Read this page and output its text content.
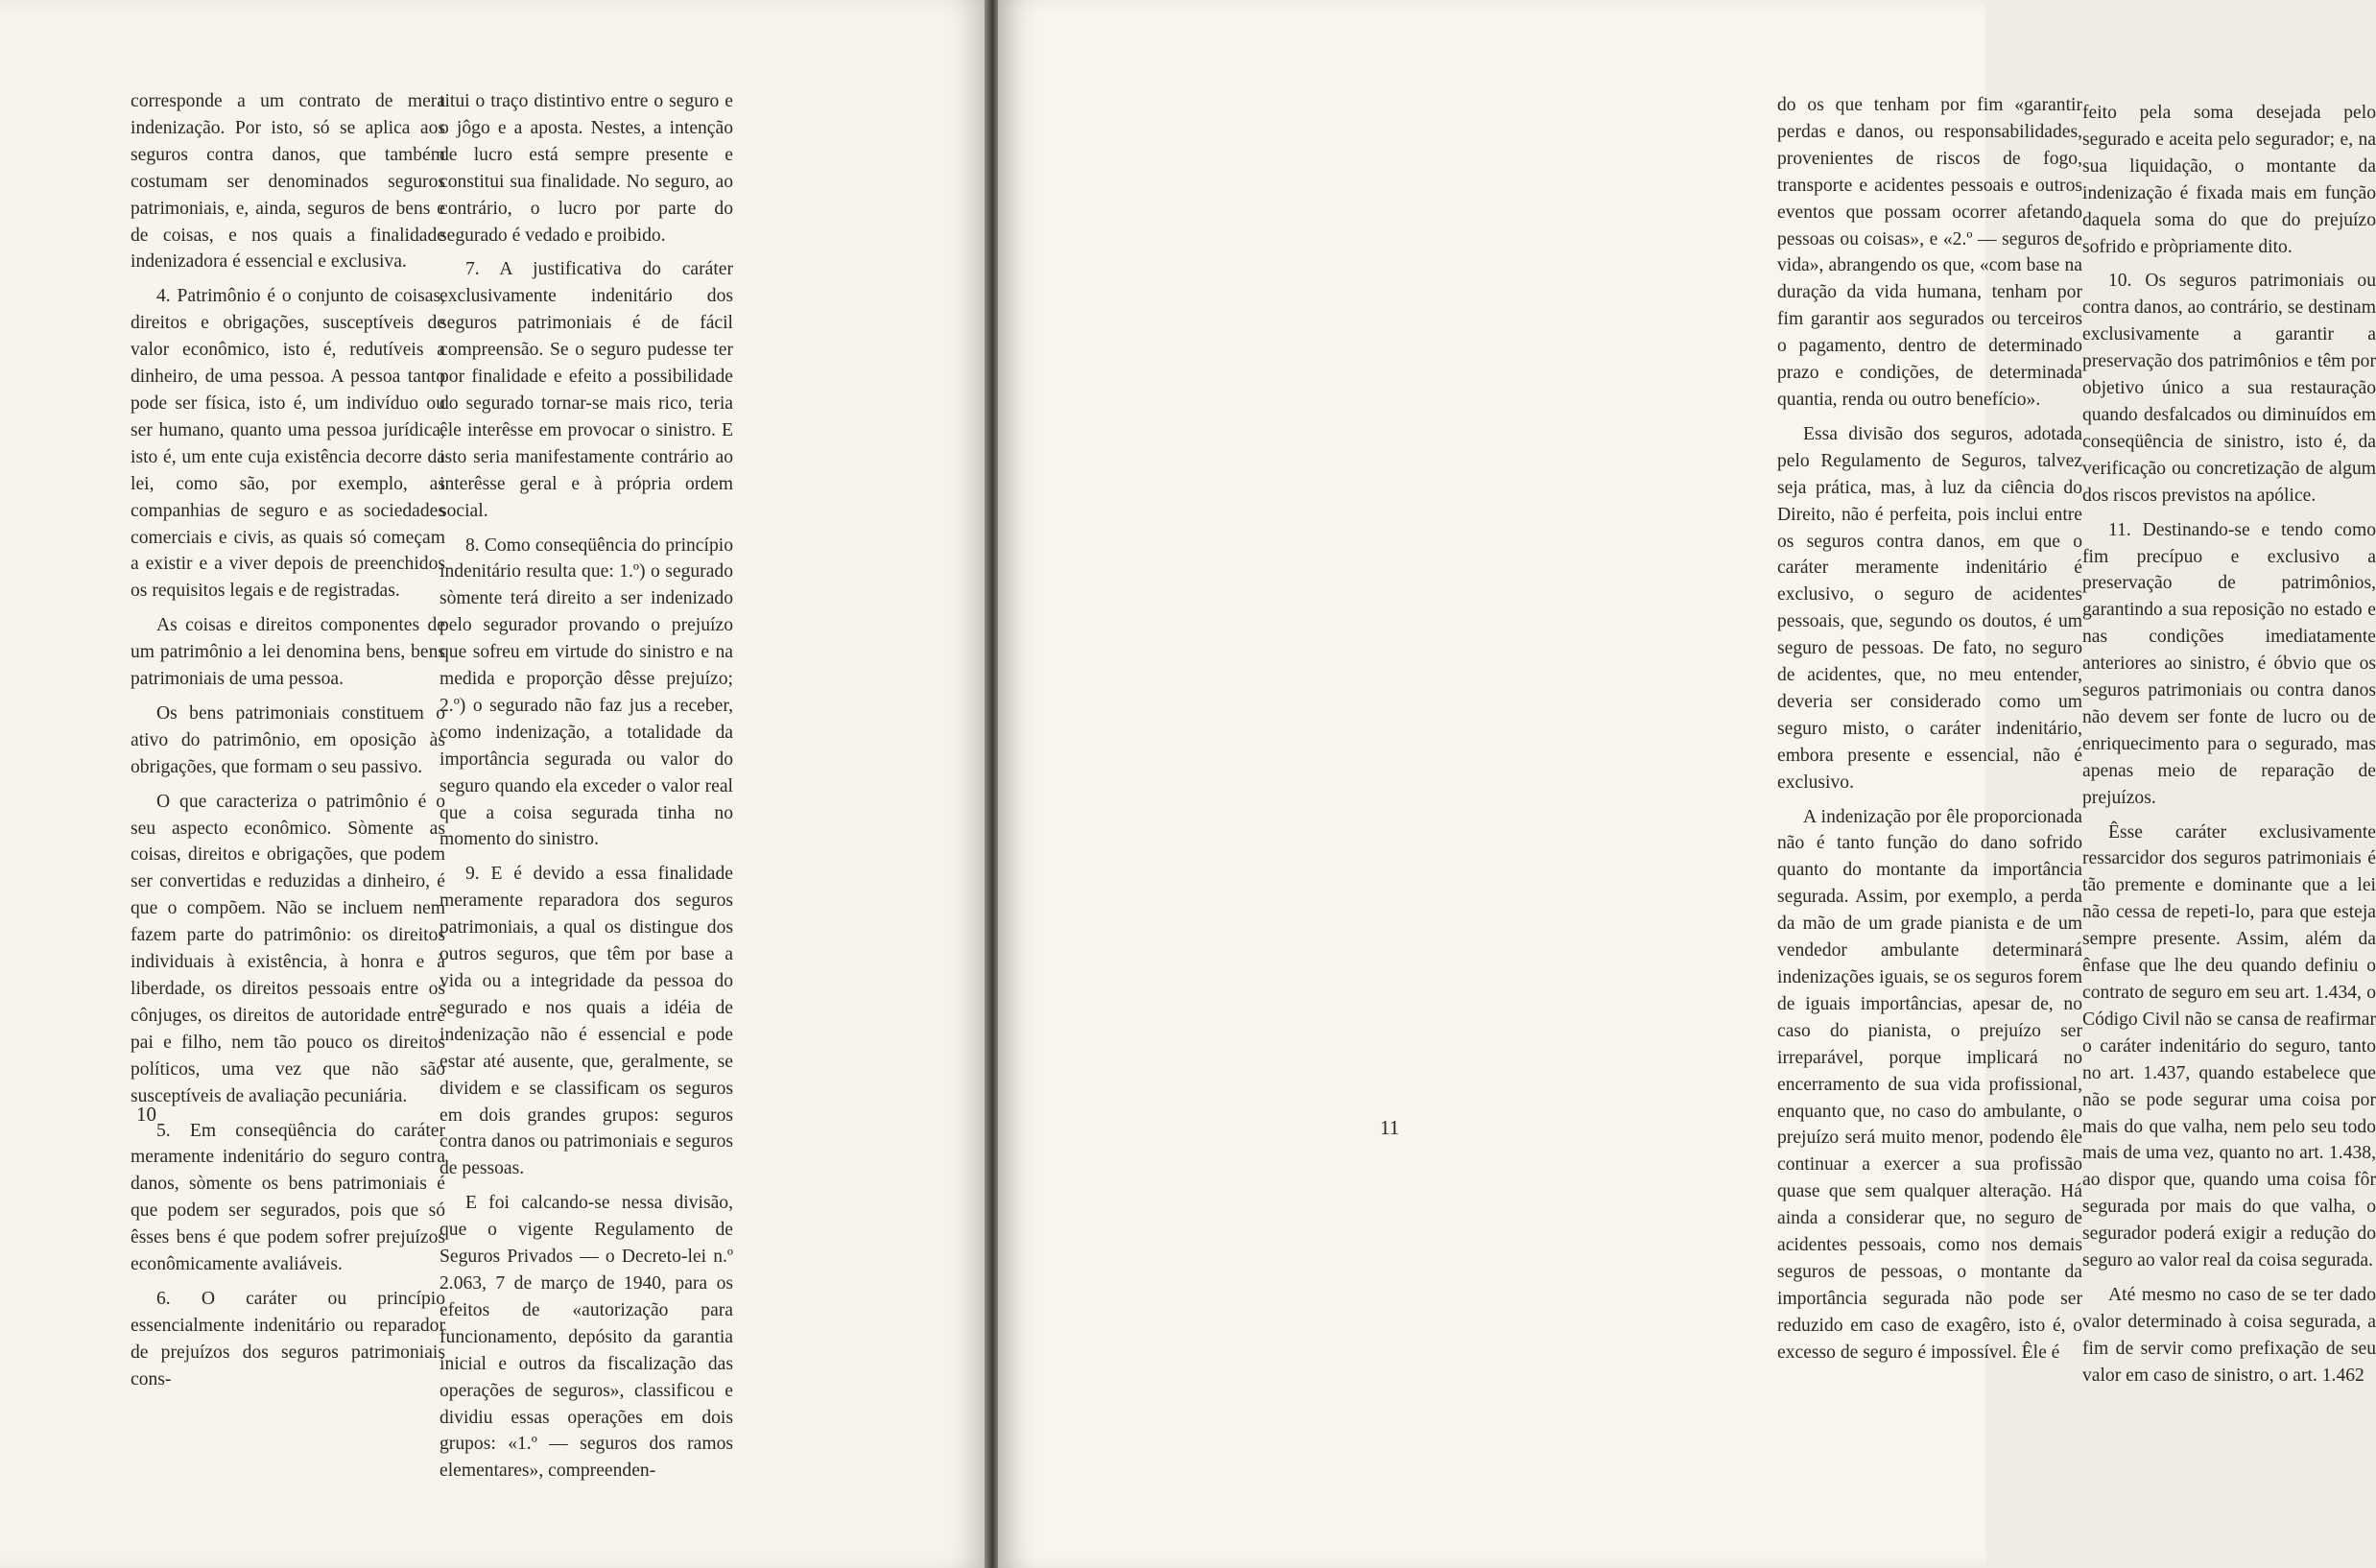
corresponde a um contrato de mera indenização. Por isto, só se aplica aos seguros contra danos, que também costumam ser denominados seguros patrimoniais, e, ainda, seguros de bens e de coisas, e nos quais a finalidade indenizadora é essencial e exclusiva.

4. Patrimônio é o conjunto de coisas, direitos e obrigações, susceptíveis de valor econômico, isto é, redutíveis a dinheiro, de uma pessoa. A pessoa tanto pode ser física, isto é, um indivíduo ou ser humano, quanto uma pessoa jurídica, isto é, um ente cuja existência decorre da lei, como são, por exemplo, as companhias de seguro e as sociedades comerciais e civis, as quais só começam a existir e a viver depois de preenchidos os requisitos legais e de registradas.

As coisas e direitos componentes de um patrimônio a lei denomina bens, bens patrimoniais de uma pessoa.

Os bens patrimoniais constituem o ativo do patrimônio, em oposição às obrigações, que formam o seu passivo.

O que caracteriza o patrimônio é o seu aspecto econômico. Sòmente as coisas, direitos e obrigações, que podem ser convertidas e reduzidas a dinheiro, é que o compõem. Não se incluem nem fazem parte do patrimônio: os direitos individuais à existência, à honra e à liberdade, os direitos pessoais entre os cônjuges, os direitos de autoridade entre pai e filho, nem tão pouco os direitos políticos, uma vez que não são susceptíveis de avaliação pecuniária.

5. Em conseqüência do caráter meramente indenitário do seguro contra danos, sòmente os bens patrimoniais é que podem ser segurados, pois que só êsses bens é que podem sofrer prejuízos econômicamente avaliáveis.

6. O caráter ou princípio essencialmente indenitário ou reparador de prejuízos dos seguros patrimoniais cons-

titui o traço distintivo entre o seguro e o jôgo e a aposta. Nestes, a intenção de lucro está sempre presente e constitui sua finalidade. No seguro, ao contrário, o lucro por parte do segurado é vedado e proibido.

7. A justificativa do caráter exclusivamente indenitário dos seguros patrimoniais é de fácil compreensão. Se o seguro pudesse ter por finalidade e efeito a possibilidade do segurado tornar-se mais rico, teria êle interêsse em provocar o sinistro. E isto seria manifestamente contrário ao interêsse geral e à própria ordem social.

8. Como conseqüência do princípio indenitário resulta que: 1.º) o segurado sòmente terá direito a ser indenizado pelo segurador provando o prejuízo que sofreu em virtude do sinistro e na medida e proporção dêsse prejuízo; 2.º) o segurado não faz jus a receber, como indenização, a totalidade da importância segurada ou valor do seguro quando ela exceder o valor real que a coisa segurada tinha no momento do sinistro.

9. E é devido a essa finalidade meramente reparadora dos seguros patrimoniais, a qual os distingue dos outros seguros, que têm por base a vida ou a integridade da pessoa do segurado e nos quais a idéia de indenização não é essencial e pode estar até ausente, que, geralmente, se dividem e se classificam os seguros em dois grandes grupos: seguros contra danos ou patrimoniais e seguros de pessoas.

E foi calcando-se nessa divisão, que o vigente Regulamento de Seguros Privados — o Decreto-lei n.º 2.063, 7 de março de 1940, para os efeitos de «autorização para funcionamento, depósito da garantia inicial e outros da fiscalização das operações de seguros», classificou e dividiu essas operações em dois grupos: «1.º — seguros dos ramos elementares», compreenden-

10

do os que tenham por fim «garantir perdas e danos, ou responsabilidades, provenientes de riscos de fogo, transporte e acidentes pessoais e outros eventos que possam ocorrer afetando pessoas ou coisas», e «2.º — seguros de vida», abrangendo os que, «com base na duração da vida humana, tenham por fim garantir aos segurados ou terceiros o pagamento, dentro de determinado prazo e condições, de determinada quantia, renda ou outro benefício».

Essa divisão dos seguros, adotada pelo Regulamento de Seguros, talvez seja prática, mas, à luz da ciência do Direito, não é perfeita, pois inclui entre os seguros contra danos, em que o caráter meramente indenitário é exclusivo, o seguro de acidentes pessoais, que, segundo os doutos, é um seguro de pessoas. De fato, no seguro de acidentes, que, no meu entender, deveria ser considerado como um seguro misto, o caráter indenitário, embora presente e essencial, não é exclusivo.

A indenização por êle proporcionada não é tanto função do dano sofrido quanto do montante da importância segurada. Assim, por exemplo, a perda da mão de um grade pianista e de um vendedor ambulante determinará indenizações iguais, se os seguros forem de iguais importâncias, apesar de, no caso do pianista, o prejuízo ser irreparável, porque implicará no encerramento de sua vida profissional, enquanto que, no caso do ambulante, o prejuízo será muito menor, podendo êle continuar a exercer a sua profissão quase que sem qualquer alteração. Há ainda a considerar que, no seguro de acidentes pessoais, como nos demais seguros de pessoas, o montante da importância segurada não pode ser reduzido em caso de exagêro, isto é, o excesso de seguro é impossível. Êle é

feito pela soma desejada pelo segurado e aceita pelo segurador; e, na sua liquidação, o montante da indenização é fixada mais em função daquela soma do que do prejuízo sofrido e pròpriamente dito.

10. Os seguros patrimoniais ou contra danos, ao contrário, se destinam exclusivamente a garantir a preservação dos patrimônios e têm por objetivo único a sua restauração quando desfalcados ou diminuídos em conseqüência de sinistro, isto é, da verificação ou concretização de algum dos riscos previstos na apólice.

11. Destinando-se e tendo como fim precípuo e exclusivo a preservação de patrimônios, garantindo a sua reposição no estado e nas condições imediatamente anteriores ao sinistro, é óbvio que os seguros patrimoniais ou contra danos não devem ser fonte de lucro ou de enriquecimento para o segurado, mas apenas meio de reparação de prejuízos.

Êsse caráter exclusivamente ressarcidor dos seguros patrimoniais é tão premente e dominante que a lei não cessa de repeti-lo, para que esteja sempre presente. Assim, além da ênfase que lhe deu quando definiu o contrato de seguro em seu art. 1.434, o Código Civil não se cansa de reafirmar o caráter indenitário do seguro, tanto no art. 1.437, quando estabelece que não se pode segurar uma coisa por mais do que valha, nem pelo seu todo mais de uma vez, quanto no art. 1.438, ao dispor que, quando uma coisa fôr segurada por mais do que valha, o segurador poderá exigir a redução do seguro ao valor real da coisa segurada.

Até mesmo no caso de se ter dado valor determinado à coisa segurada, a fim de servir como prefixação de seu valor em caso de sinistro, o art. 1.462

11
